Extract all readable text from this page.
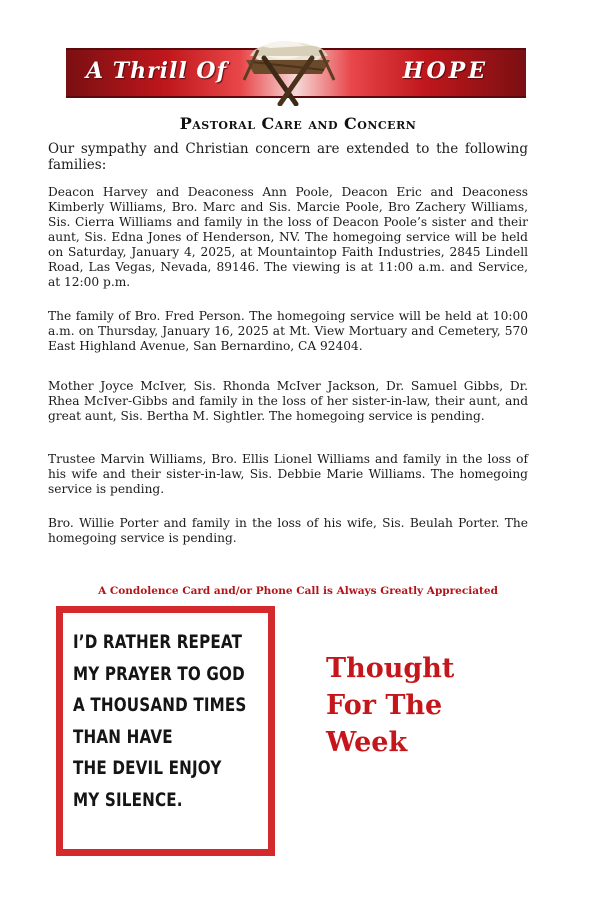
A Thrill Of	HOPE
Pastoral Care and Concern
Our sympathy and Christian concern are extended to the following families:
Deacon Harvey and Deaconess Ann Poole, Deacon Eric and Deaconess Kimberly Williams, Bro. Marc and Sis. Marcie Poole, Bro Zachery Williams, Sis. Cierra Williams and family in the loss of Deacon Poole’s sister and their aunt, Sis. Edna Jones of Henderson, NV. The homegoing service will be held on Saturday, January 4, 2025, at Mountaintop Faith Industries, 2845 Lindell Road, Las Vegas, Nevada, 89146. The viewing is at 11:00 a.m. and Service, at 12:00 p.m.
The family of Bro. Fred Person. The homegoing service will be held at 10:00 a.m. on Thursday, January 16, 2025 at Mt. View Mortuary and Cemetery, 570 East Highland Avenue, San Bernardino, CA 92404.
Mother Joyce McIver, Sis. Rhonda McIver Jackson, Dr. Samuel Gibbs, Dr. Rhea McIver-Gibbs and family in the loss of her sister-in-law, their aunt, and great aunt, Sis. Bertha M. Sightler. The homegoing service is pending.
Trustee Marvin Williams, Bro. Ellis Lionel Williams and family in the loss of his wife and their sister-in-law, Sis. Debbie Marie Williams. The homegoing service is pending.
Bro. Willie Porter and family in the loss of his wife, Sis. Beulah Porter. The homegoing service is pending.
A Condolence Card and/or Phone Call is Always Greatly Appreciated
I’D RATHER REPEAT
MY PRAYER TO GOD
A THOUSAND TIMES
THAN HAVE
THE DEVIL ENJOY
MY SILENCE.
Thought
For The
Week
